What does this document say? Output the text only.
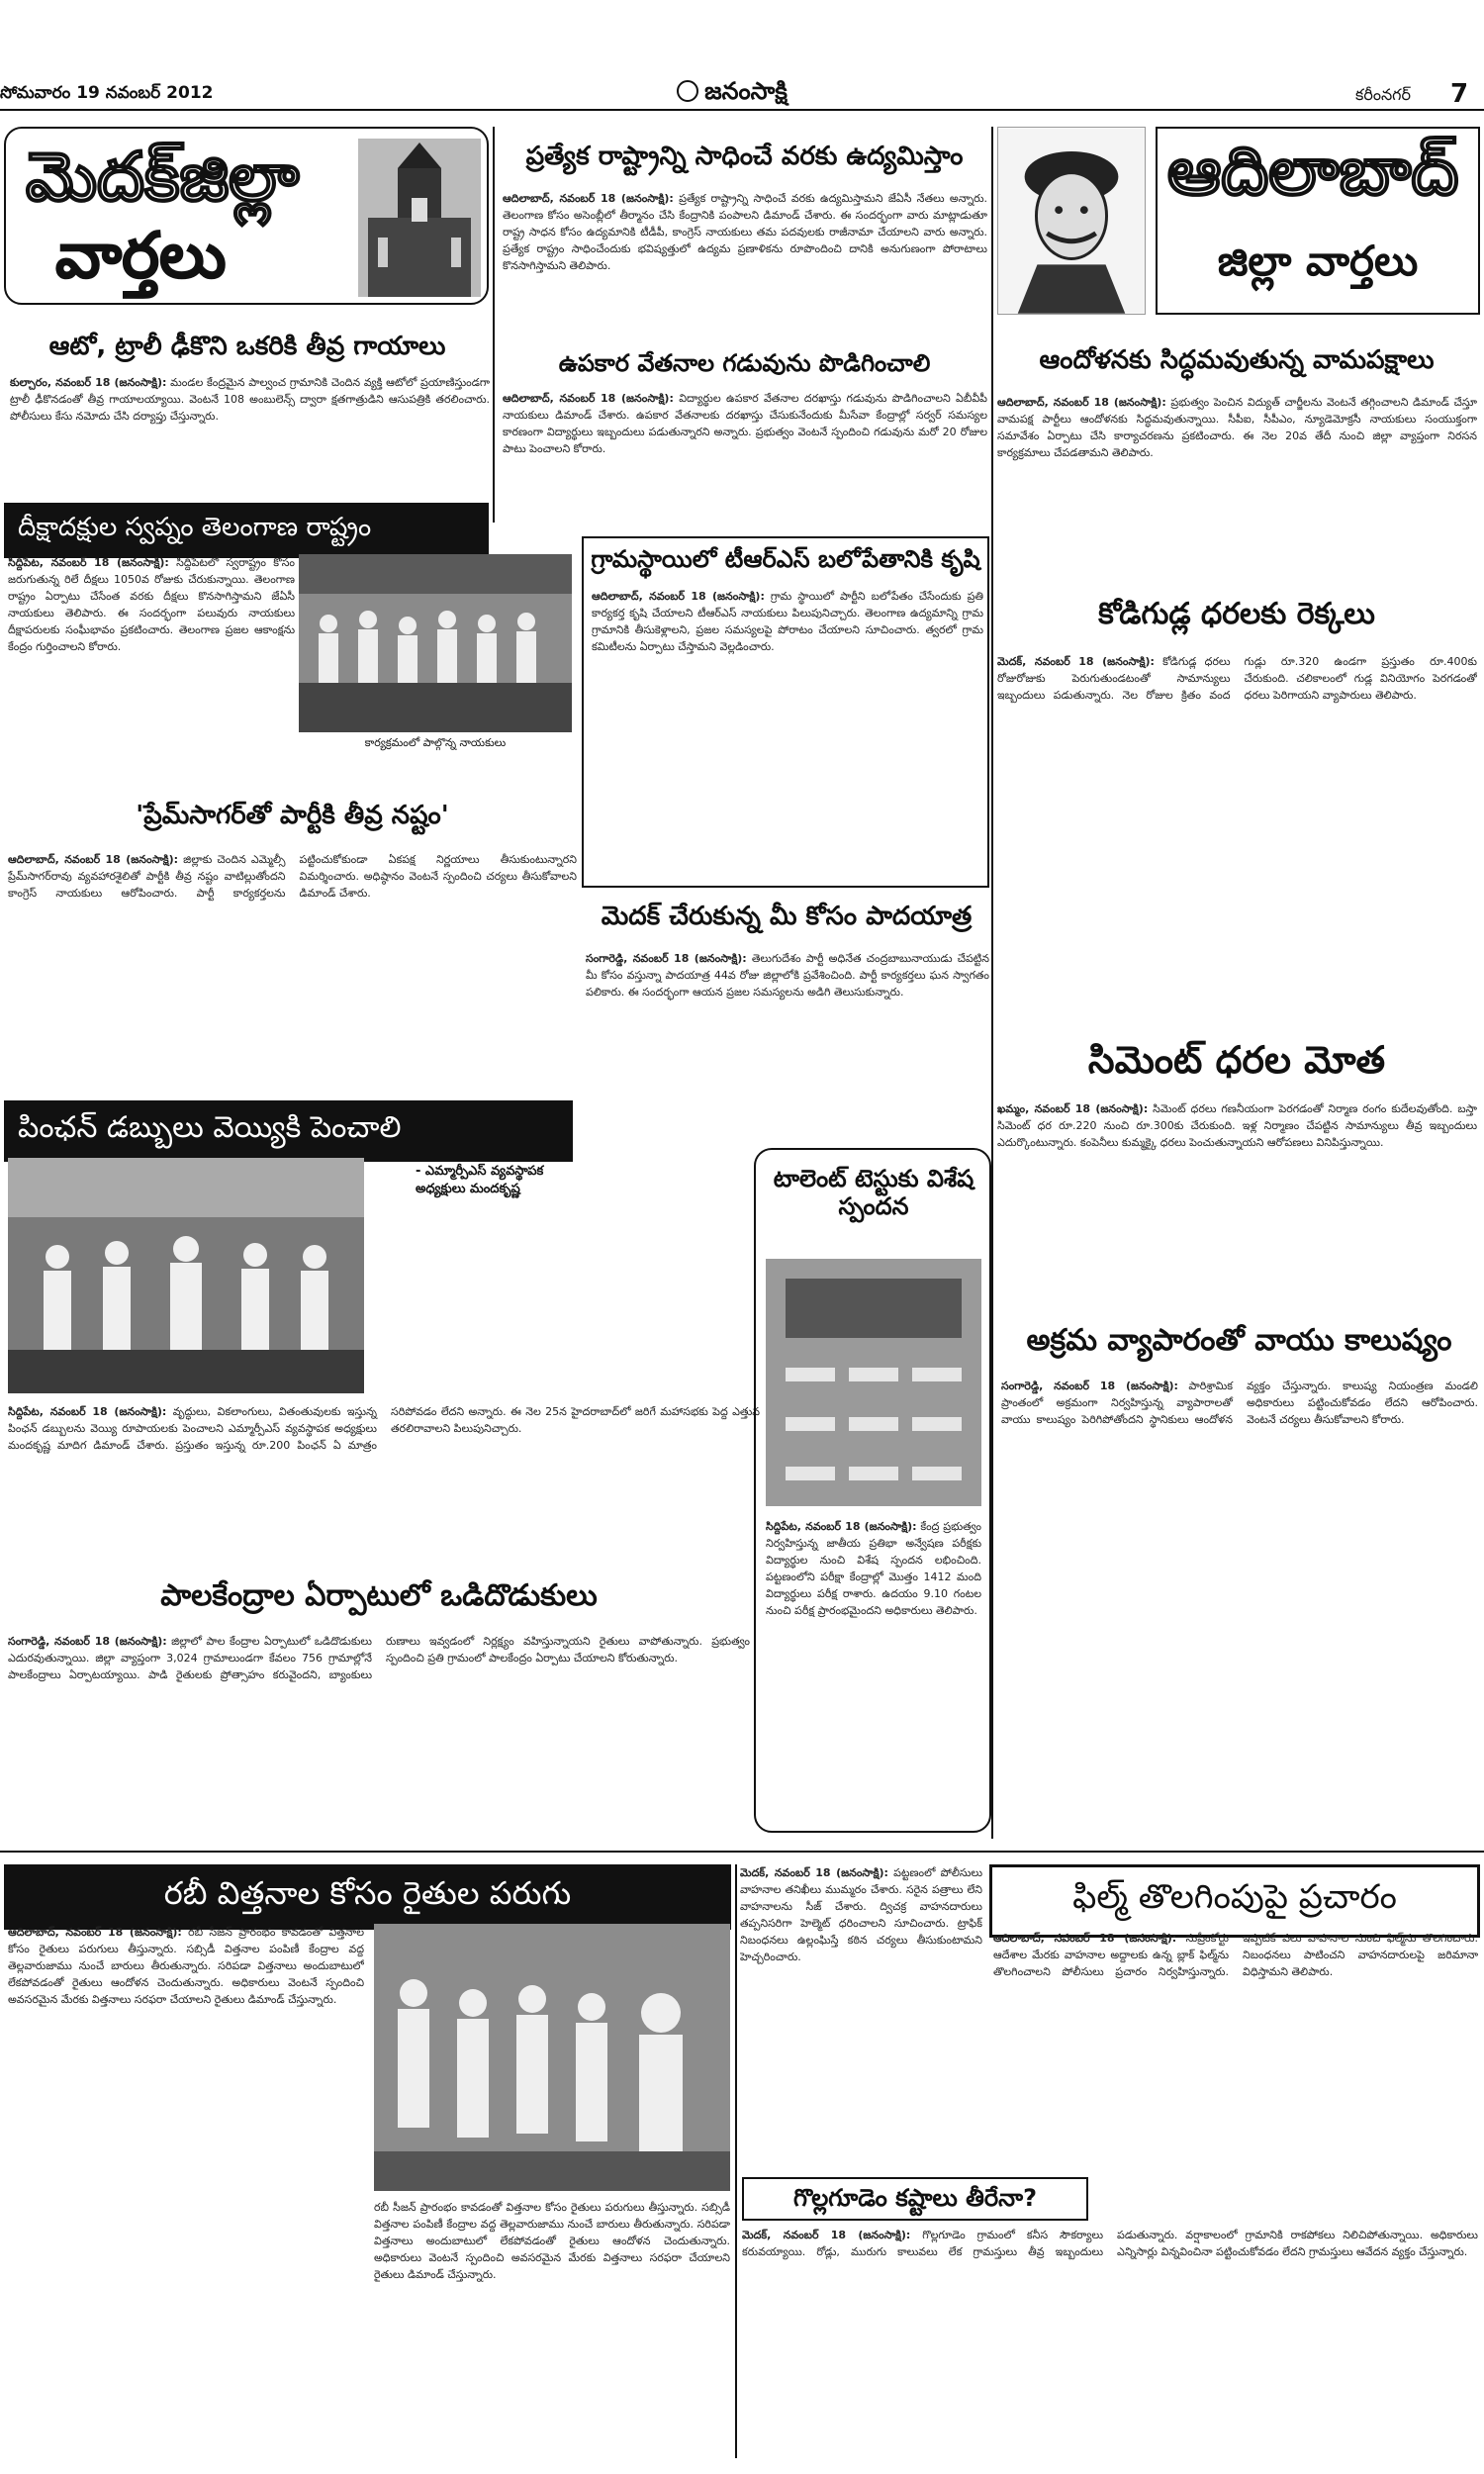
సోమవారం 19 నవంబర్ 2012	జనంసాక్షి	కరీంనగర్ 7
మెదక్‌జిల్లా
వార్తలు
ఆదిలాబాద్
జిల్లా వార్తలు
ప్రత్యేక రాష్ట్రాన్ని సాధించే వరకు ఉద్యమిస్తాం
ఆదిలాబాద్, నవంబర్ 18 (జనంసాక్షి): ప్రత్యేక రాష్ట్రాన్ని సాధించే వరకు ఉద్యమిస్తామని జేఏసీ నేతలు అన్నారు. తెలంగాణ కోసం అసెంబ్లీలో తీర్మానం చేసి కేంద్రానికి పంపాలని డిమాండ్ చేశారు. ఈ సందర్భంగా వారు మాట్లాడుతూ రాష్ట్ర సాధన కోసం ఉద్యమానికి టీడీపీ, కాంగ్రెస్ నాయకులు తమ పదవులకు రాజీనామా చేయాలని వారు అన్నారు. ప్రత్యేక రాష్ట్రం సాధించేందుకు భవిష్యత్తులో ఉద్యమ ప్రణాళికను రూపొందించి దానికి అనుగుణంగా పోరాటాలు కొనసాగిస్తామని తెలిపారు.
ఆటో, ట్రాలీ ఢీకొని ఒకరికి తీవ్ర గాయాలు
కుల్చారం, నవంబర్ 18 (జనంసాక్షి): మండల కేంద్రమైన పాల్వంచ గ్రామానికి చెందిన వ్యక్తి ఆటోలో ప్రయాణిస్తుండగా ట్రాలీ ఢీకొనడంతో తీవ్ర గాయాలయ్యాయి. వెంటనే 108 అంబులెన్స్ ద్వారా క్షతగాత్రుడిని ఆసుపత్రికి తరలించారు. పోలీసులు కేసు నమోదు చేసి దర్యాప్తు చేస్తున్నారు.
ఉపకార వేతనాల గడువును పొడిగించాలి
ఆదిలాబాద్, నవంబర్ 18 (జనంసాక్షి): విద్యార్థుల ఉపకార వేతనాల దరఖాస్తు గడువును పొడిగించాలని ఏబీవీపీ నాయకులు డిమాండ్ చేశారు. ఉపకార వేతనాలకు దరఖాస్తు చేసుకునేందుకు మీసేవా కేంద్రాల్లో సర్వర్ సమస్యల కారణంగా విద్యార్థులు ఇబ్బందులు పడుతున్నారని అన్నారు. ప్రభుత్వం వెంటనే స్పందించి గడువును మరో 20 రోజుల పాటు పెంచాలని కోరారు.
ఆందోళనకు సిద్ధమవుతున్న వామపక్షాలు
ఆదిలాబాద్, నవంబర్ 18 (జనంసాక్షి): ప్రభుత్వం పెంచిన విద్యుత్ చార్జీలను వెంటనే తగ్గించాలని డిమాండ్ చేస్తూ వామపక్ష పార్టీలు ఆందోళనకు సిద్ధమవుతున్నాయి. సీపీఐ, సీపీఎం, న్యూడెమోక్రసీ నాయకులు సంయుక్తంగా సమావేశం ఏర్పాటు చేసి కార్యాచరణను ప్రకటించారు. ఈ నెల 20వ తేదీ నుంచి జిల్లా వ్యాప్తంగా నిరసన కార్యక్రమాలు చేపడతామని తెలిపారు.
దీక్షాదక్షుల స్వప్నం తెలంగాణ రాష్ట్రం
సిద్దిపేట, నవంబర్ 18 (జనంసాక్షి): సిద్దిపేటలో స్వరాష్ట్రం కోసం జరుగుతున్న రిలే దీక్షలు 1050వ రోజుకు చేరుకున్నాయి. తెలంగాణ రాష్ట్రం ఏర్పాటు చేసేంత వరకు దీక్షలు కొనసాగిస్తామని జేఏసీ నాయకులు తెలిపారు. ఈ సందర్భంగా పలువురు నాయకులు దీక్షాపరులకు సంఘీభావం ప్రకటించారు. తెలంగాణ ప్రజల ఆకాంక్షను కేంద్రం గుర్తించాలని కోరారు.
కార్యక్రమంలో పాల్గొన్న నాయకులు
గ్రామస్థాయిలో టీఆర్ఎస్ బలోపేతానికి కృషి
ఆదిలాబాద్, నవంబర్ 18 (జనంసాక్షి): గ్రామ స్థాయిలో పార్టీని బలోపేతం చేసేందుకు ప్రతి కార్యకర్త కృషి చేయాలని టీఆర్ఎస్ నాయకులు పిలుపునిచ్చారు. తెలంగాణ ఉద్యమాన్ని గ్రామ గ్రామానికి తీసుకెళ్లాలని, ప్రజల సమస్యలపై పోరాటం చేయాలని సూచించారు. త్వరలో గ్రామ కమిటీలను ఏర్పాటు చేస్తామని వెల్లడించారు.
కోడిగుడ్ల ధరలకు రెక్కలు
మెదక్, నవంబర్ 18 (జనంసాక్షి): కోడిగుడ్ల ధరలు రోజురోజుకు పెరుగుతుండటంతో సామాన్యులు ఇబ్బందులు పడుతున్నారు. నెల రోజుల క్రితం వంద గుడ్లు రూ.320 ఉండగా ప్రస్తుతం రూ.400కు చేరుకుంది. చలికాలంలో గుడ్ల వినియోగం పెరగడంతో ధరలు పెరిగాయని వ్యాపారులు తెలిపారు.
'ప్రేమ్‌సాగర్‌తో పార్టీకి తీవ్ర నష్టం'
ఆదిలాబాద్, నవంబర్ 18 (జనంసాక్షి): జిల్లాకు చెందిన ఎమ్మెల్సీ ప్రేమ్‌సాగర్‌రావు వ్యవహారశైలితో పార్టీకి తీవ్ర నష్టం వాటిల్లుతోందని కాంగ్రెస్ నాయకులు ఆరోపించారు. పార్టీ కార్యకర్తలను పట్టించుకోకుండా ఏకపక్ష నిర్ణయాలు తీసుకుంటున్నారని విమర్శించారు. అధిష్ఠానం వెంటనే స్పందించి చర్యలు తీసుకోవాలని డిమాండ్ చేశారు.
మెదక్ చేరుకున్న మీ కోసం పాదయాత్ర
సంగారెడ్డి, నవంబర్ 18 (జనంసాక్షి): తెలుగుదేశం పార్టీ అధినేత చంద్రబాబునాయుడు చేపట్టిన మీ కోసం వస్తున్నా పాదయాత్ర 44వ రోజు జిల్లాలోకి ప్రవేశించింది. పార్టీ కార్యకర్తలు ఘన స్వాగతం పలికారు. ఈ సందర్భంగా ఆయన ప్రజల సమస్యలను అడిగి తెలుసుకున్నారు.
సిమెంట్ ధరల మోత
ఖమ్మం, నవంబర్ 18 (జనంసాక్షి): సిమెంట్ ధరలు గణనీయంగా పెరగడంతో నిర్మాణ రంగం కుదేలవుతోంది. బస్తా సిమెంట్ ధర రూ.220 నుంచి రూ.300కు చేరుకుంది. ఇళ్ల నిర్మాణం చేపట్టిన సామాన్యులు తీవ్ర ఇబ్బందులు ఎదుర్కొంటున్నారు. కంపెనీలు కుమ్మక్కై ధరలు పెంచుతున్నాయని ఆరోపణలు వినిపిస్తున్నాయి.
పింఛన్ డబ్బులు వెయ్యికి పెంచాలి
- ఎమ్మార్పీఎస్ వ్యవస్థాపక అధ్యక్షులు మందకృష్ణ
సిద్దిపేట, నవంబర్ 18 (జనంసాక్షి): వృద్ధులు, వికలాంగులు, వితంతువులకు ఇస్తున్న పింఛన్ డబ్బులను వెయ్యి రూపాయలకు పెంచాలని ఎమ్మార్పీఎస్ వ్యవస్థాపక అధ్యక్షులు మందకృష్ణ మాదిగ డిమాండ్ చేశారు. ప్రస్తుతం ఇస్తున్న రూ.200 పింఛన్ ఏ మాత్రం సరిపోవడం లేదని అన్నారు. ఈ నెల 25న హైదరాబాద్‌లో జరిగే మహాసభకు పెద్ద ఎత్తున తరలిరావాలని పిలుపునిచ్చారు.
టాలెంట్ టెస్టుకు విశేష స్పందన
సిద్దిపేట, నవంబర్ 18 (జనంసాక్షి): కేంద్ర ప్రభుత్వం నిర్వహిస్తున్న జాతీయ ప్రతిభా అన్వేషణ పరీక్షకు విద్యార్థుల నుంచి విశేష స్పందన లభించింది. పట్టణంలోని పరీక్షా కేంద్రాల్లో మొత్తం 1412 మంది విద్యార్థులు పరీక్ష రాశారు. ఉదయం 9.10 గంటల నుంచి పరీక్ష ప్రారంభమైందని అధికారులు తెలిపారు.
అక్రమ వ్యాపారంతో వాయు కాలుష్యం
సంగారెడ్డి, నవంబర్ 18 (జనంసాక్షి): పారిశ్రామిక ప్రాంతంలో అక్రమంగా నిర్వహిస్తున్న వ్యాపారాలతో వాయు కాలుష్యం పెరిగిపోతోందని స్థానికులు ఆందోళన వ్యక్తం చేస్తున్నారు. కాలుష్య నియంత్రణ మండలి అధికారులు పట్టించుకోవడం లేదని ఆరోపించారు. వెంటనే చర్యలు తీసుకోవాలని కోరారు.
పాలకేంద్రాల ఏర్పాటులో ఒడిదొడుకులు
సంగారెడ్డి, నవంబర్ 18 (జనంసాక్షి): జిల్లాలో పాల కేంద్రాల ఏర్పాటులో ఒడిదొడుకులు ఎదురవుతున్నాయి. జిల్లా వ్యాప్తంగా 3,024 గ్రామాలుండగా కేవలం 756 గ్రామాల్లోనే పాలకేంద్రాలు ఏర్పాటయ్యాయి. పాడి రైతులకు ప్రోత్సాహం కరువైందని, బ్యాంకులు రుణాలు ఇవ్వడంలో నిర్లక్ష్యం వహిస్తున్నాయని రైతులు వాపోతున్నారు. ప్రభుత్వం స్పందించి ప్రతి గ్రామంలో పాలకేంద్రం ఏర్పాటు చేయాలని కోరుతున్నారు.
రబీ విత్తనాల కోసం రైతుల పరుగు
ఆదిలాబాద్, నవంబర్ 18 (జనంసాక్షి): రబీ సీజన్ ప్రారంభం కావడంతో విత్తనాల కోసం రైతులు పరుగులు తీస్తున్నారు. సబ్సిడీ విత్తనాల పంపిణీ కేంద్రాల వద్ద తెల్లవారుజాము నుంచే బారులు తీరుతున్నారు. సరిపడా విత్తనాలు అందుబాటులో లేకపోవడంతో రైతులు ఆందోళన చెందుతున్నారు. అధికారులు వెంటనే స్పందించి అవసరమైన మేరకు విత్తనాలు సరఫరా చేయాలని రైతులు డిమాండ్ చేస్తున్నారు.
రబీ సీజన్ ప్రారంభం కావడంతో విత్తనాల కోసం రైతులు పరుగులు తీస్తున్నారు. సబ్సిడీ విత్తనాల పంపిణీ కేంద్రాల వద్ద తెల్లవారుజాము నుంచే బారులు తీరుతున్నారు. సరిపడా విత్తనాలు అందుబాటులో లేకపోవడంతో రైతులు ఆందోళన చెందుతున్నారు. అధికారులు వెంటనే స్పందించి అవసరమైన మేరకు విత్తనాలు సరఫరా చేయాలని రైతులు డిమాండ్ చేస్తున్నారు.
మెదక్, నవంబర్ 18 (జనంసాక్షి): పట్టణంలో పోలీసులు వాహనాల తనిఖీలు ముమ్మరం చేశారు. సరైన పత్రాలు లేని వాహనాలను సీజ్ చేశారు. ద్విచక్ర వాహనదారులు తప్పనిసరిగా హెల్మెట్ ధరించాలని సూచించారు. ట్రాఫిక్ నిబంధనలు ఉల్లంఘిస్తే కఠిన చర్యలు తీసుకుంటామని హెచ్చరించారు.
ఫిల్మ్ తొలగింపుపై ప్రచారం
ఆదిలాబాద్, నవంబర్ 18 (జనంసాక్షి): సుప్రీంకోర్టు ఆదేశాల మేరకు వాహనాల అద్దాలకు ఉన్న బ్లాక్ ఫిల్మ్‌ను తొలగించాలని పోలీసులు ప్రచారం నిర్వహిస్తున్నారు. ఇప్పటికే పలు వాహనాల నుంచి ఫిల్మ్‌ను తొలగించారు. నిబంధనలు పాటించని వాహనదారులపై జరిమానా విధిస్తామని తెలిపారు.
గొల్లగూడెం కష్టాలు తీరేనా?
మెదక్, నవంబర్ 18 (జనంసాక్షి): గొల్లగూడెం గ్రామంలో కనీస సౌకర్యాలు కరువయ్యాయి. రోడ్లు, మురుగు కాలువలు లేక గ్రామస్తులు తీవ్ర ఇబ్బందులు పడుతున్నారు. వర్షాకాలంలో గ్రామానికి రాకపోకలు నిలిచిపోతున్నాయి. అధికారులు ఎన్నిసార్లు విన్నవించినా పట్టించుకోవడం లేదని గ్రామస్తులు ఆవేదన వ్యక్తం చేస్తున్నారు.
